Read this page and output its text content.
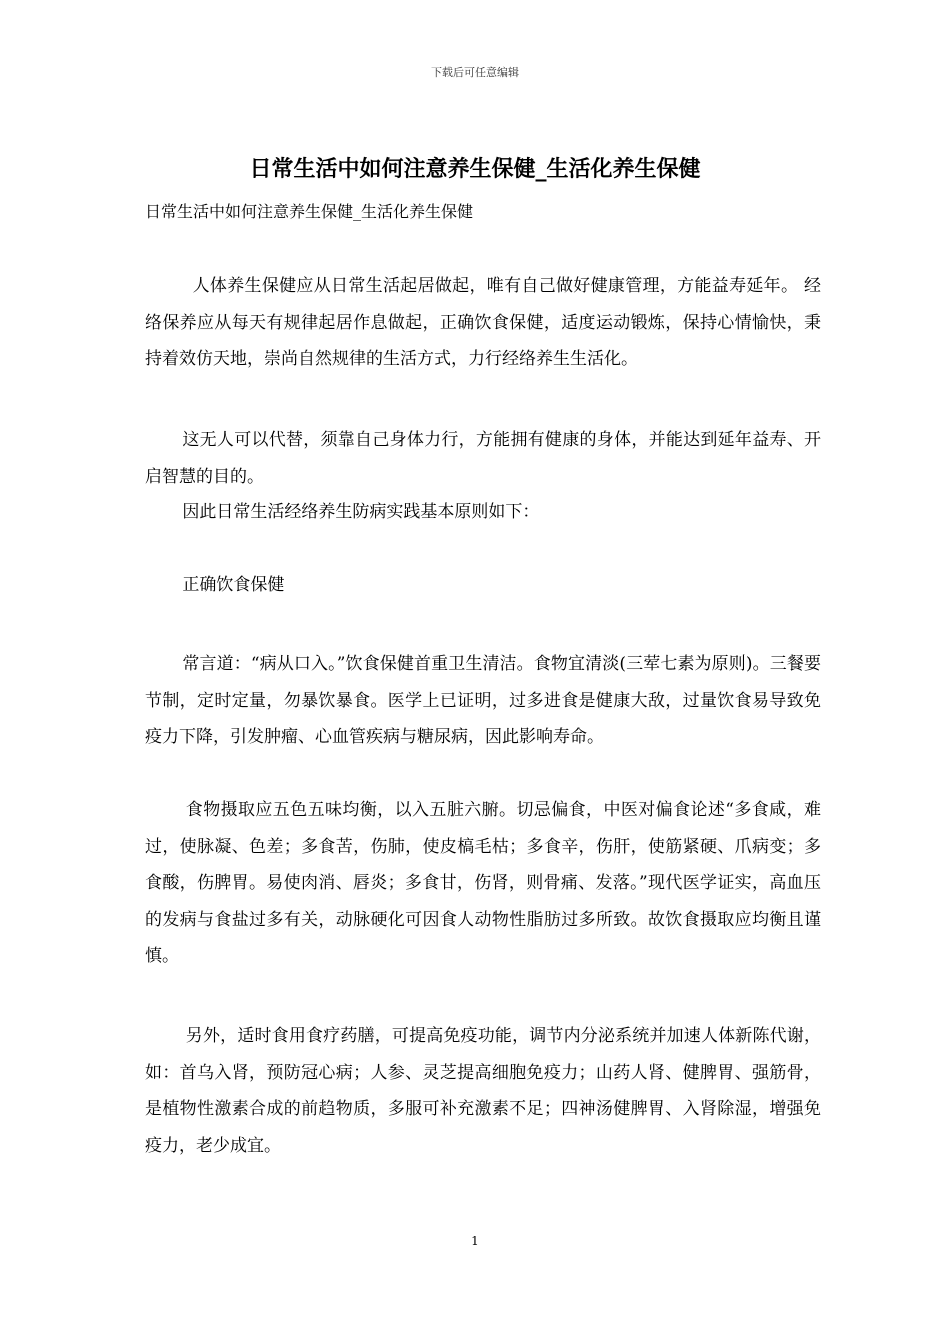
下载后可任意编辑
日常生活中如何注意养生保健_生活化养生保健

日常生活中如何注意养生保健_生活化养生保健

人体养生保健应从日常生活起居做起，唯有自己做好健康管理，方能益寿延年。 经络保养应从每天有规律起居作息做起，正确饮食保健，适度运动锻炼，保持心情愉快，秉持着效仿天地，崇尚自然规律的生活方式，力行经络养生生活化。

这无人可以代替，须靠自己身体力行，方能拥有健康的身体，并能达到延年益寿、开启智慧的目的。

因此日常生活经络养生防病实践基本原则如下：

正确饮食保健

常言道：“病从口入。”饮食保健首重卫生清洁。食物宜清淡(三荤七素为原则)。三餐要节制，定时定量，勿暴饮暴食。医学上已证明，过多进食是健康大敌，过量饮食易导致免疫力下降，引发肿瘤、心血管疾病与糖尿病，因此影响寿命。

食物摄取应五色五味均衡，以入五脏六腑。切忌偏食，中医对偏食论述“多食咸，难过，使脉凝、色差；多食苦，伤肺，使皮槁毛枯；多食辛，伤肝，使筋紧硬、爪病变；多食酸，伤脾胃。易使肉消、唇炎；多食甘，伤肾，则骨痛、发落。”现代医学证实，高血压的发病与食盐过多有关，动脉硬化可因食人动物性脂肪过多所致。故饮食摄取应均衡且谨慎。

另外，适时食用食疗药膳，可提高免疫功能，调节内分泌系统并加速人体新陈代谢，如：首乌入肾，预防冠心病；人参、灵芝提高细胞免疫力；山药人肾、健脾胃、强筋骨，是植物性激素合成的前趋物质，多服可补充激素不足；四神汤健脾胃、入肾除湿，增强免疫力，老少成宜。

1
